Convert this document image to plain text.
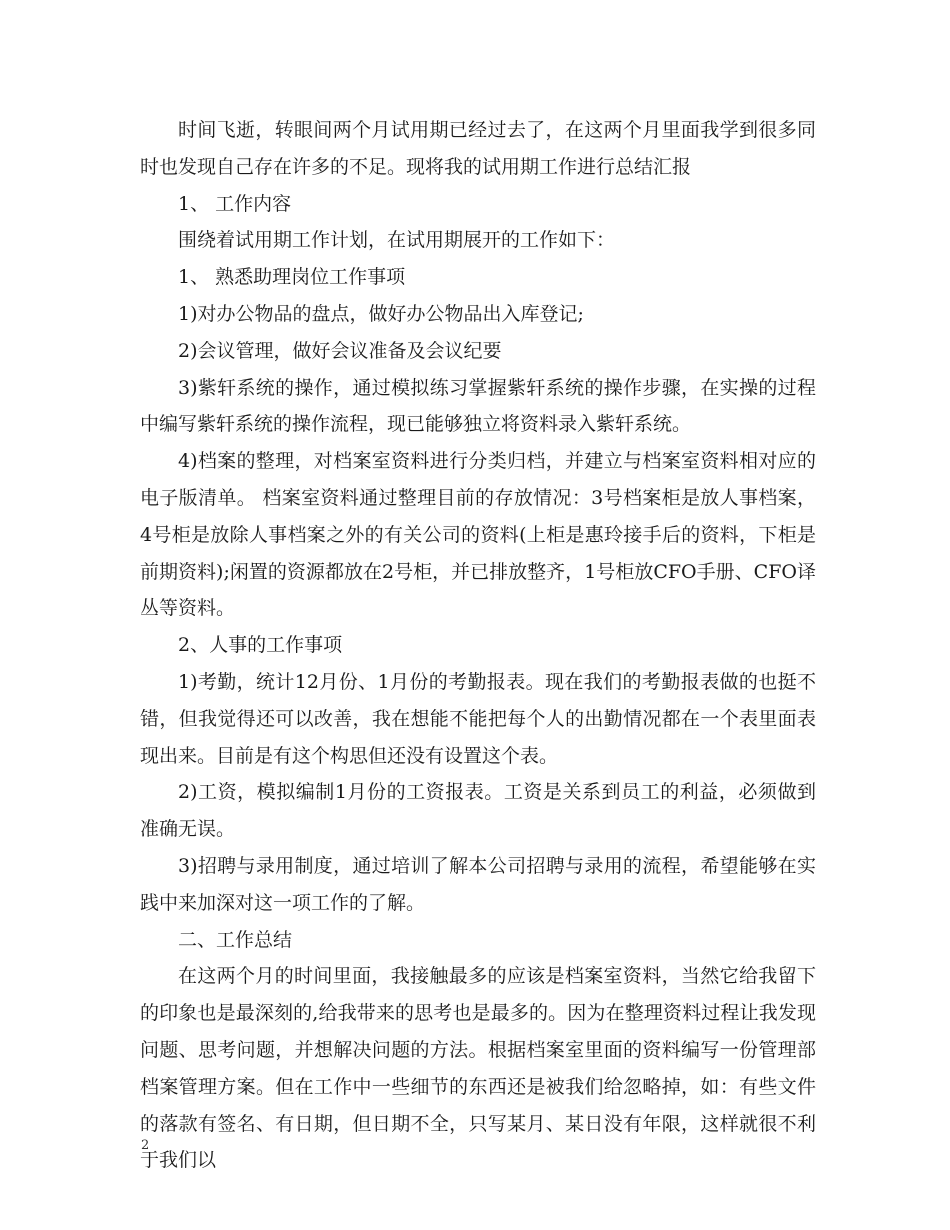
时间飞逝，转眼间两个月试用期已经过去了，在这两个月里面我学到很多同时也发现自己存在许多的不足。现将我的试用期工作进行总结汇报

1、 工作内容

围绕着试用期工作计划，在试用期展开的工作如下：

1、 熟悉助理岗位工作事项

1)对办公物品的盘点，做好办公物品出入库登记;

2)会议管理，做好会议准备及会议纪要

3)紫轩系统的操作，通过模拟练习掌握紫轩系统的操作步骤，在实操的过程中编写紫轩系统的操作流程，现已能够独立将资料录入紫轩系统。

4)档案的整理，对档案室资料进行分类归档，并建立与档案室资料相对应的电子版清单。 档案室资料通过整理目前的存放情况：3号档案柜是放人事档案，4号柜是放除人事档案之外的有关公司的资料(上柜是惠玲接手后的资料，下柜是前期资料);闲置的资源都放在2号柜，并已排放整齐，1号柜放CFO手册、CFO译丛等资料。

2、人事的工作事项

1)考勤，统计12月份、1月份的考勤报表。现在我们的考勤报表做的也挺不错，但我觉得还可以改善，我在想能不能把每个人的出勤情况都在一个表里面表现出来。目前是有这个构思但还没有设置这个表。

2)工资，模拟编制1月份的工资报表。工资是关系到员工的利益，必须做到准确无误。

3)招聘与录用制度，通过培训了解本公司招聘与录用的流程，希望能够在实践中来加深对这一项工作的了解。

二、工作总结

在这两个月的时间里面，我接触最多的应该是档案室资料，当然它给我留下的印象也是最深刻的,给我带来的思考也是最多的。因为在整理资料过程让我发现问题、思考问题，并想解决问题的方法。根据档案室里面的资料编写一份管理部档案管理方案。但在工作中一些细节的东西还是被我们给忽略掉，如：有些文件的落款有签名、有日期，但日期不全，只写某月、某日没有年限，这样就很不利于我们以

2
